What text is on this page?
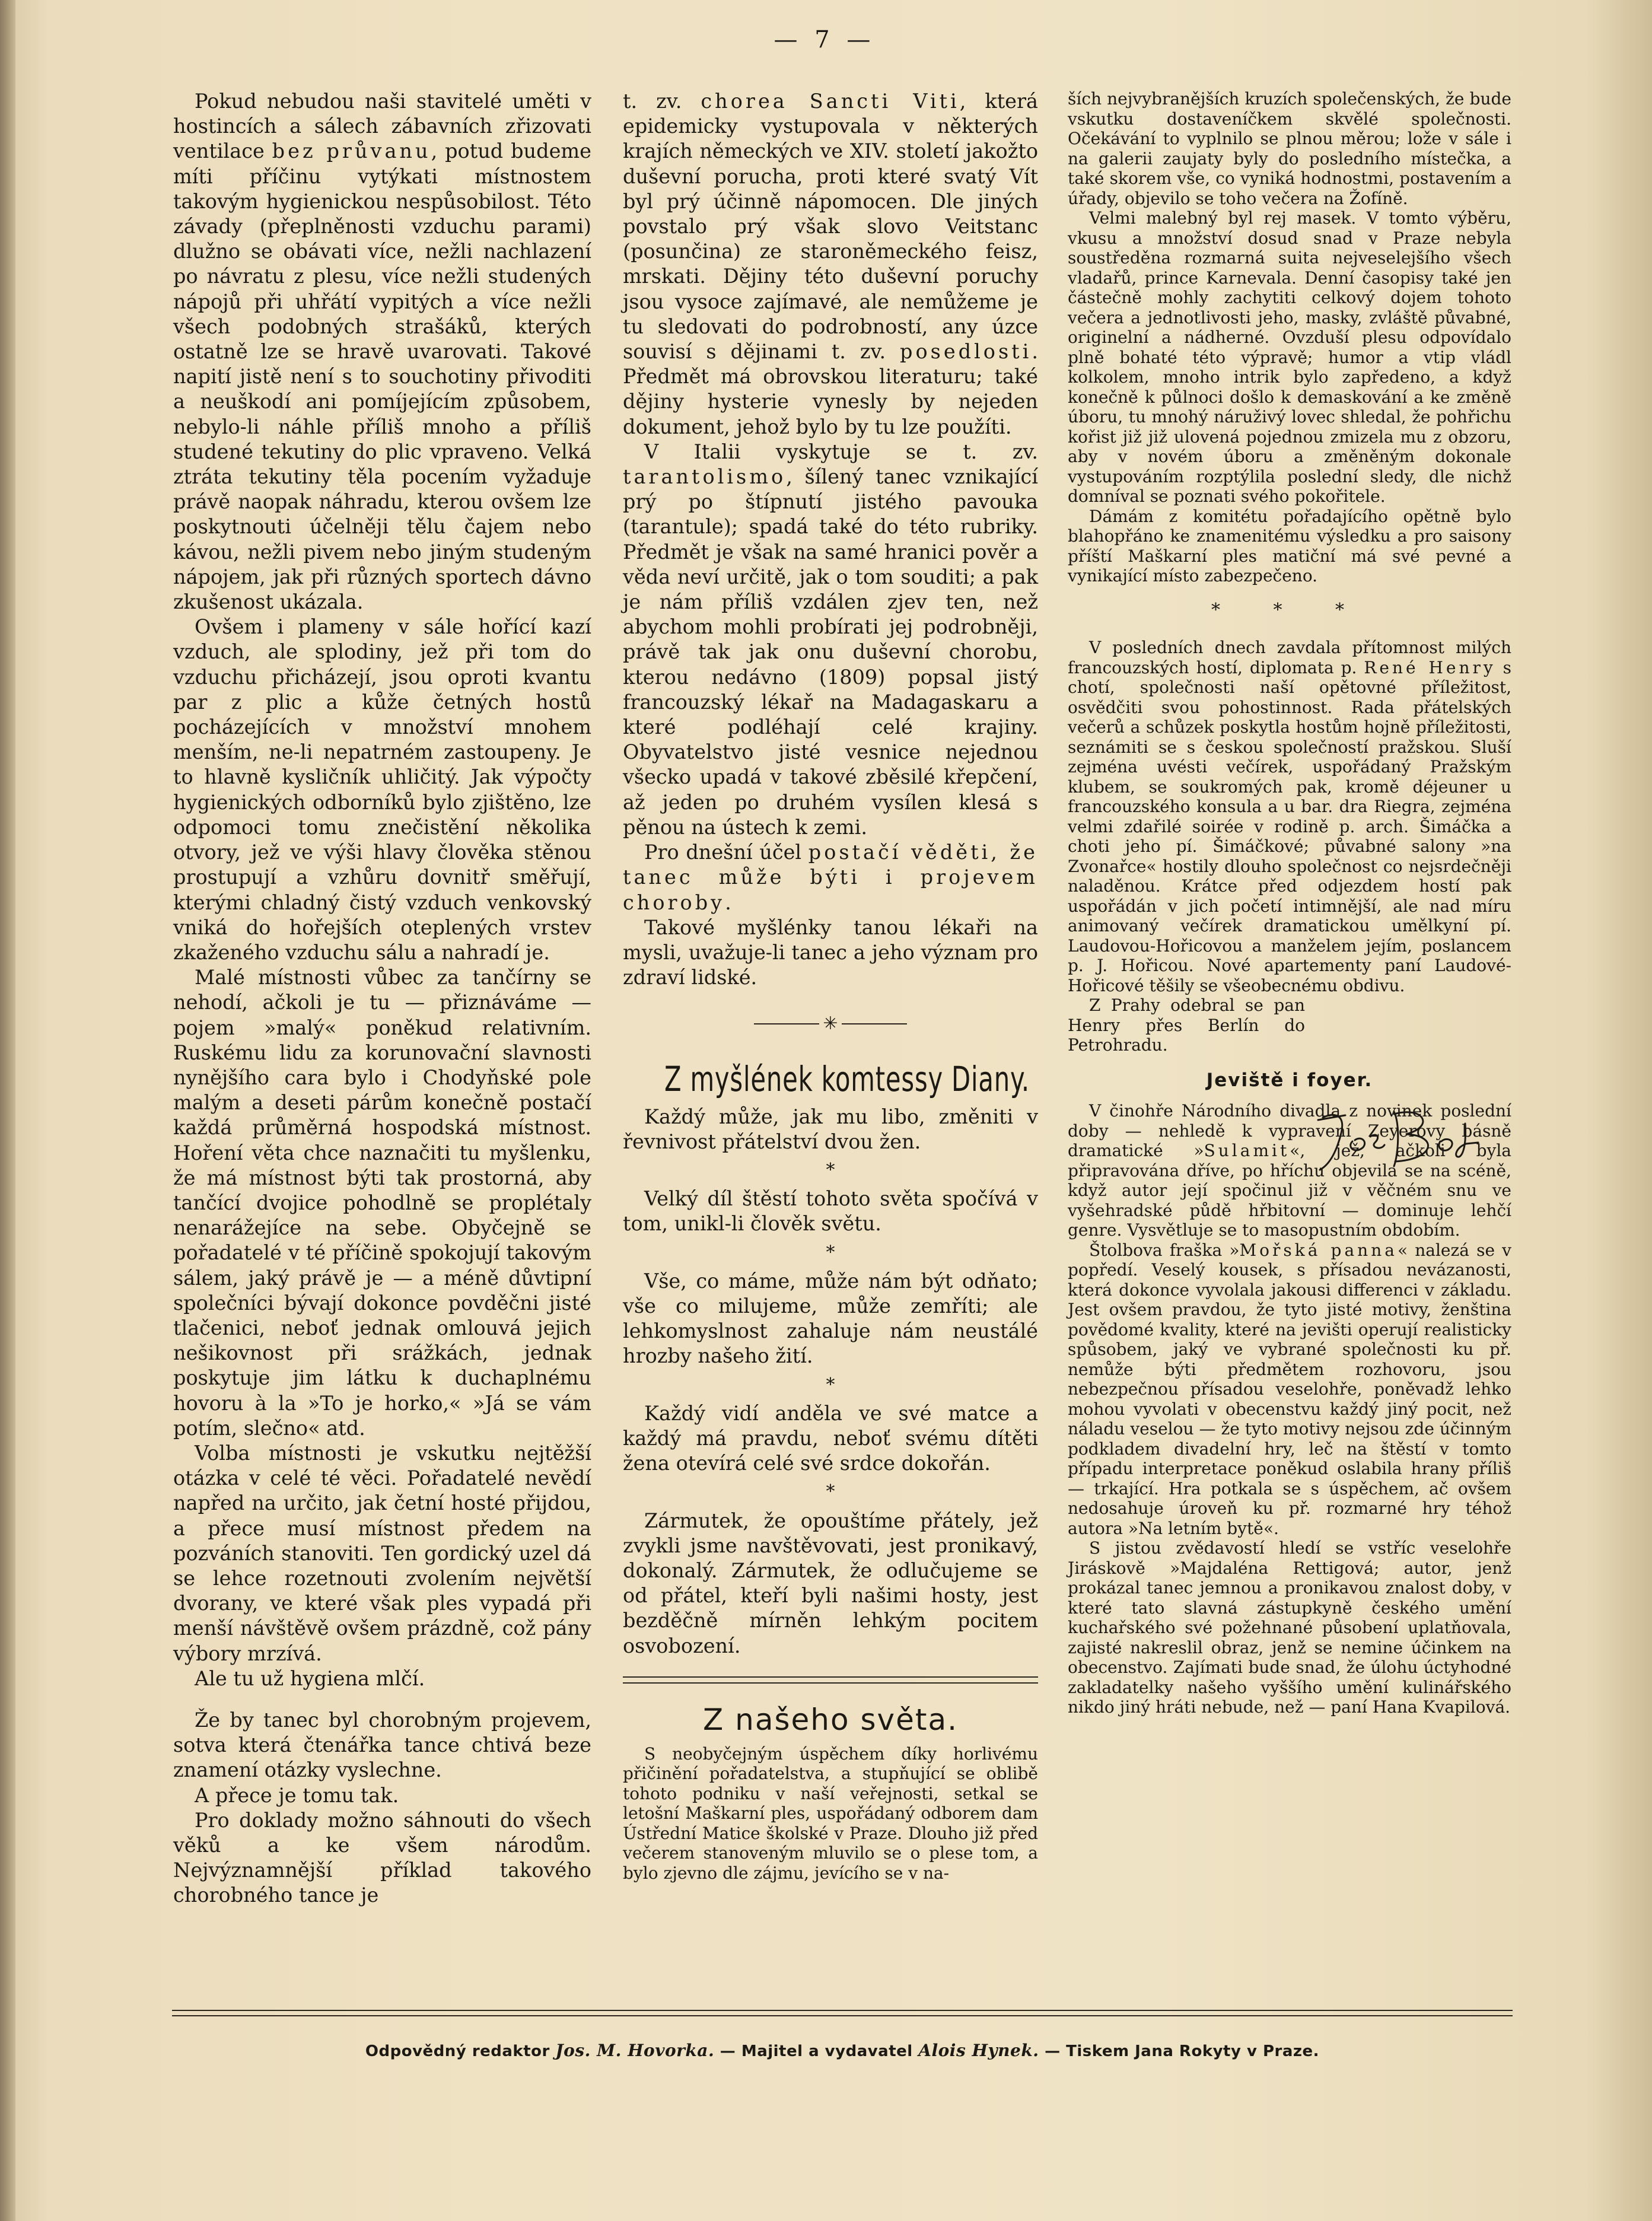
— 7 —

Pokud nebudou naši stavitelé uměti v hostincích a sálech zábavních zřizovati ventilace bez průvanu, potud budeme míti příčinu vytýkati místnostem takovým hygienickou nespůsobilost. Této závady (přeplněnosti vzduchu parami) dlužno se obávati více, nežli nachlazení po návratu z plesu, více nežli studených nápojů při uhřátí vypitých a více nežli všech podobných strašáků, kterých ostatně lze se hravě uvarovati. Takové napití jistě není s to souchotiny přivoditi a neuškodí ani pomíjejícím způsobem, nebylo-li náhle příliš mnoho a příliš studené tekutiny do plic vpraveno. Velká ztráta tekutiny těla pocením vyžaduje právě naopak náhradu, kterou ovšem lze poskytnouti účelněji tělu čajem nebo kávou, nežli pivem nebo jiným studeným nápojem, jak při různých sportech dávno zkušenost ukázala.

Ovšem i plameny v sále hořící kazí vzduch, ale splodiny, jež při tom do vzduchu přicházejí, jsou oproti kvantu par z plic a kůže četných hostů pocházejících v množství mnohem menším, ne-li nepatrném zastoupeny. Je to hlavně kysličník uhličitý. Jak výpočty hygienických odborníků bylo zjištěno, lze odpomoci tomu znečistění několika otvory, jež ve výši hlavy člověka stěnou prostupují a vzhůru dovnitř směřují, kterými chladný čistý vzduch venkovský vniká do hořejších oteplených vrstev zkaženého vzduchu sálu a nahradí je.

Malé místnosti vůbec za tančírny se nehodí, ačkoli je tu — přiznáváme — pojem »malý« poněkud relativním. Ruskému lidu za korunovační slavnosti nynějšího cara bylo i Chodyňské pole malým a deseti párům konečně postačí každá průměrná hospodská místnost. Hoření věta chce naznačiti tu myšlenku, že má místnost býti tak prostorná, aby tančící dvojice pohodlně se proplétaly nenarážejíce na sebe. Obyčejně se pořadatelé v té příčině spokojují takovým sálem, jaký právě je — a méně důvtipní společníci bývají dokonce povděčni jisté tlačenici, neboť jednak omlouvá jejich nešikovnost při srážkách, jednak poskytuje jim látku k duchaplnému hovoru à la »To je horko,« »Já se vám potím, slečno« atd.

Volba místnosti je vskutku nejtěžší otázka v celé té věci. Pořadatelé nevědí napřed na určito, jak četní hosté přijdou, a přece musí místnost předem na pozváních stanoviti. Ten gordický uzel dá se lehce rozetnouti zvolením největší dvorany, ve které však ples vypadá při menší návštěvě ovšem prázdně, což pány výbory mrzívá.

Ale tu už hygiena mlčí.

Že by tanec byl chorobným projevem, sotva která čtenářka tance chtivá beze znamení otázky vyslechne.

A přece je tomu tak.

Pro doklady možno sáhnouti do všech věků a ke všem národům. Nejvýznamnější příklad takového chorobného tance je

t. zv. chorea Sancti Viti, která epidemicky vystupovala v některých krajích německých ve XIV. století jakožto duševní porucha, proti které svatý Vít byl prý účinně nápomocen. Dle jiných povstalo prý však slovo Veitstanc (posunčina) ze staroněmeckého feisz, mrskati. Dějiny této duševní poruchy jsou vysoce zajímavé, ale nemůžeme je tu sledovati do podrobností, any úzce souvisí s dějinami t. zv. posedlosti. Předmět má obrovskou literaturu; také dějiny hysterie vynesly by nejeden dokument, jehož bylo by tu lze použíti.

V Italii vyskytuje se t. zv. tarantolismo, šílený tanec vznikající prý po štípnutí jistého pavouka (tarantule); spadá také do této rubriky. Předmět je však na samé hranici pověr a věda neví určitě, jak o tom souditi; a pak je nám příliš vzdálen zjev ten, než abychom mohli probírati jej podrobněji, právě tak jak onu duševní chorobu, kterou nedávno (1809) popsal jistý francouzský lékař na Madagaskaru a které podléhají celé krajiny. Obyvatelstvo jisté vesnice nejednou všecko upadá v takové zběsilé křepčení, až jeden po druhém vysílen klesá s pěnou na ústech k zemi.

Pro dnešní účel postačí věděti, že tanec může býti i projevem choroby.

Takové myšlénky tanou lékaři na mysli, uvažuje-li tanec a jeho význam pro zdraví lidské.

✳
Z myšlének komtessy Diany.

Každý může, jak mu libo, změniti v řevnivost přátelství dvou žen.

*

Velký díl štěstí tohoto světa spočívá v tom, unikl-li člověk světu.

*

Vše, co máme, může nám být odňato; vše co milujeme, může zemříti; ale lehkomyslnost zahaluje nám neustálé hrozby našeho žití.

*

Každý vidí anděla ve své matce a každý má pravdu, neboť svému dítěti žena otevírá celé své srdce dokořán.

*

Zármutek, že opouštíme přátely, jež zvykli jsme navštěvovati, jest pronikavý, dokonalý. Zármutek, že odlučujeme se od přátel, kteří byli našimi hosty, jest bezděčně mírněn lehkým pocitem osvobození.

Z našeho světa.

S neobyčejným úspěchem díky horlivému přičinění pořadatelstva, a stupňující se oblibě tohoto podniku v naší veřejnosti, setkal se letošní Maškarní ples, uspořádaný odborem dam Ústřední Matice školské v Praze. Dlouho již před večerem stanoveným mluvilo se o plese tom, a bylo zjevno dle zájmu, jevícího se v na-

ších nejvybranějších kruzích společenských, že bude vskutku dostaveníčkem skvělé společnosti. Očekávání to vyplnilo se plnou měrou; lože v sále i na galerii zaujaty byly do posledního místečka, a také skorem vše, co vyniká hodnostmi, postavením a úřady, objevilo se toho večera na Žofíně.

Velmi malebný byl rej masek. V tomto výběru, vkusu a množství dosud snad v Praze nebyla soustředěna rozmarná suita nejveselejšího všech vladařů, prince Karnevala. Denní časopisy také jen částečně mohly zachytiti celkový dojem tohoto večera a jednotlivosti jeho, masky, zvláště půvabné, originelní a nádherné. Ovzduší plesu odpovídalo plně bohaté této výpravě; humor a vtip vládl kolkolem, mnoho intrik bylo zapředeno, a když konečně k půlnoci došlo k demaskování a ke změně úboru, tu mnohý náruživý lovec shledal, že pohřichu kořist již již ulovená pojednou zmizela mu z obzoru, aby v novém úboru a změněným dokonale vystupováním rozptýlila poslední sledy, dle nichž domníval se poznati svého pokořitele.

Dámám z komitétu pořadajícího opětně bylo blahopřáno ke znamenitému výsledku a pro saisony příští Maškarní ples matiční má své pevné a vynikající místo zabezpečeno.

* * *

V posledních dnech zavdala přítomnost milých francouzských hostí, diplomata p. René Henry s chotí, společnosti naší opětovné příležitost, osvědčiti svou pohostinnost. Rada přátelských večerů a schůzek poskytla hostům hojně příležitosti, seznámiti se s českou společností pražskou. Sluší zejména uvésti večírek, uspořádaný Pražským klubem, se soukromých pak, kromě déjeuner u francouzského konsula a u bar. dra Riegra, zejména velmi zdařilé soirée v rodině p. arch. Šimáčka a choti jeho pí. Šimáčkové; půvabné salony »na Zvonařce« hostily dlouho společnost co nejsrdečněji naladěnou. Krátce před odjezdem hostí pak uspořádán v jich početí intimnější, ale nad míru animovaný večírek dramatickou umělkyní pí. Laudovou-Hořicovou a manželem jejím, poslancem p. J. Hořicou. Nové apartementy paní Laudové-Hořicové těšily se všeobecnému obdivu.

Z Prahy odebral se pan Henry přes Berlín do Petrohradu.

Jeviště i foyer.

V činohře Národního divadla z novinek poslední doby — nehledě k vypravení Zeyerovy básně dramatické »Sulamit«, jež, ačkoli byla připravována dříve, po hříchu objevila se na scéně, když autor její spočinul již v věčném snu ve vyšehradské půdě hřbitovní — dominuje lehčí genre. Vysvětluje se to masopustním obdobím.

Štolbova fraška »Mořská panna« nalezá se v popředí. Veselý kousek, s přísadou nevázanosti, která dokonce vyvolala jakousi differenci v základu. Jest ovšem pravdou, že tyto jisté motivy, ženština povědomé kvality, které na jevišti operují realisticky spůsobem, jaký ve vybrané společnosti ku př. nemůže býti předmětem rozhovoru, jsou nebezpečnou přísadou veselohře, poněvadž lehko mohou vyvolati v obecenstvu každý jiný pocit, než náladu veselou — že tyto motivy nejsou zde účinným podkladem divadelní hry, leč na štěstí v tomto případu interpretace poněkud oslabila hrany příliš — trkající. Hra potkala se s úspěchem, ač ovšem nedosahuje úroveň ku př. rozmarné hry téhož autora »Na letním bytě«.

S jistou zvědavostí hledí se vstříc veselohře Jiráskově »Majdaléna Rettigová; autor, jenž prokázal tanec jemnou a pronikavou znalost doby, v které tato slavná zástupkyně českého umění kuchařského své požehnané působení uplatňovala, zajisté nakreslil obraz, jenž se nemine účinkem na obecenstvo. Zajímati bude snad, že úlohu úctyhodné zakladatelky našeho vyššího umění kulinářského nikdo jiný hráti nebude, než — paní Hana Kvapilová.

Odpovědný redaktor Jos. M. Hovorka. — Majitel a vydavatel Alois Hynek. — Tiskem Jana Rokyty v Praze.
